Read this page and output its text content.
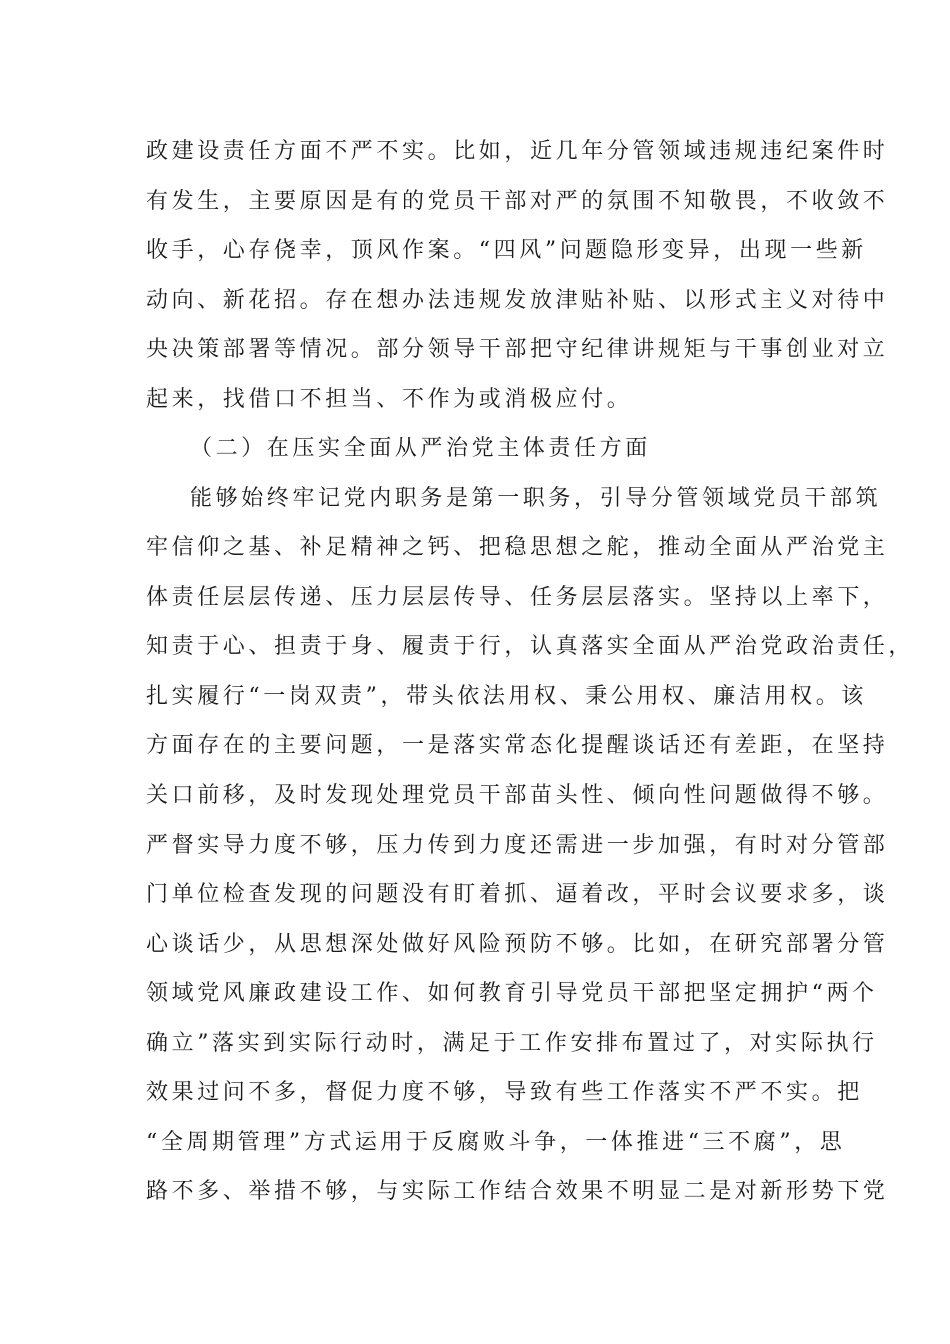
政建设责任方面不严不实。比如，近几年分管领域违规违纪案件时
有发生，主要原因是有的党员干部对严的氛围不知敬畏，不收敛不
收手，心存侥幸，顶风作案。“四风”问题隐形变异，出现一些新
动向、新花招。存在想办法违规发放津贴补贴、以形式主义对待中
央决策部署等情况。部分领导干部把守纪律讲规矩与干事创业对立
起来，找借口不担当、不作为或消极应付。
（二）在压实全面从严治党主体责任方面
能够始终牢记党内职务是第一职务，引导分管领域党员干部筑
牢信仰之基、补足精神之钙、把稳思想之舵，推动全面从严治党主
体责任层层传递、压力层层传导、任务层层落实。坚持以上率下，
知责于心、担责于身、履责于行，认真落实全面从严治党政治责任，
扎实履行“一岗双责”，带头依法用权、秉公用权、廉洁用权。该
方面存在的主要问题，一是落实常态化提醒谈话还有差距，在坚持
关口前移，及时发现处理党员干部苗头性、倾向性问题做得不够。
严督实导力度不够，压力传到力度还需进一步加强，有时对分管部
门单位检查发现的问题没有盯着抓、逼着改，平时会议要求多，谈
心谈话少，从思想深处做好风险预防不够。比如，在研究部署分管
领域党风廉政建设工作、如何教育引导党员干部把坚定拥护“两个
确立”落实到实际行动时，满足于工作安排布置过了，对实际执行
效果过问不多，督促力度不够，导致有些工作落实不严不实。把
“全周期管理”方式运用于反腐败斗争，一体推进“三不腐”，思
路不多、举措不够，与实际工作结合效果不明显二是对新形势下党
